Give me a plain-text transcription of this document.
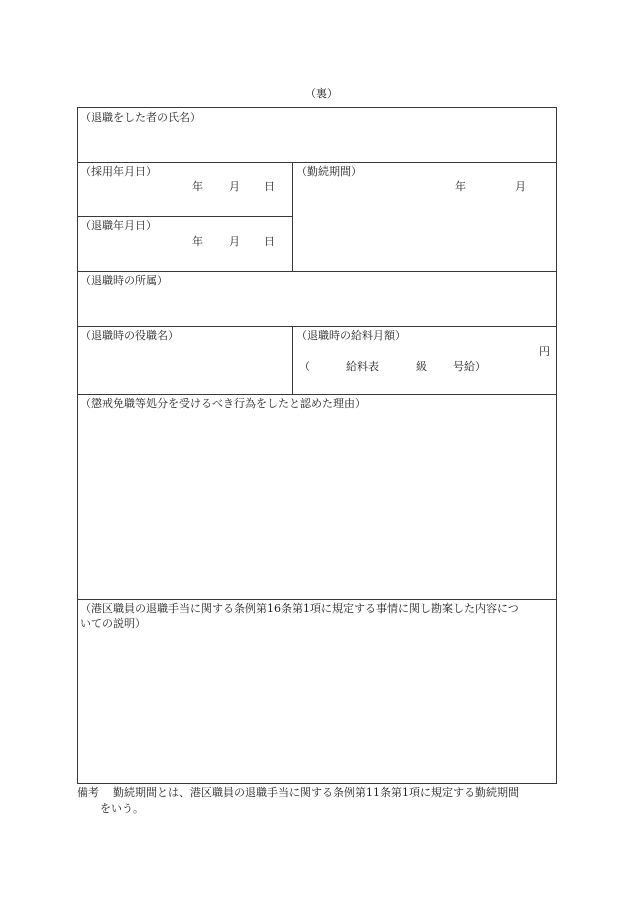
（裏）
（退職をした者の氏名）
（採用年月日）
年 月 日
（勤続期間）
年	月
（退職年月日）
年 月 日
（退職時の所属）
（退職時の役職名）	（退職時の給料月額）
円
（	給料表	級 号給）
（懲戒免職等処分を受けるべき行為をしたと認めた理由）
（港区職員の退職手当に関する条例第16条第1項に規定する事情に関し勘案した内容につ
いての説明）
備考 勤続期間とは、港区職員の退職手当に関する条例第11条第1項に規定する勤続期間
をいう。
